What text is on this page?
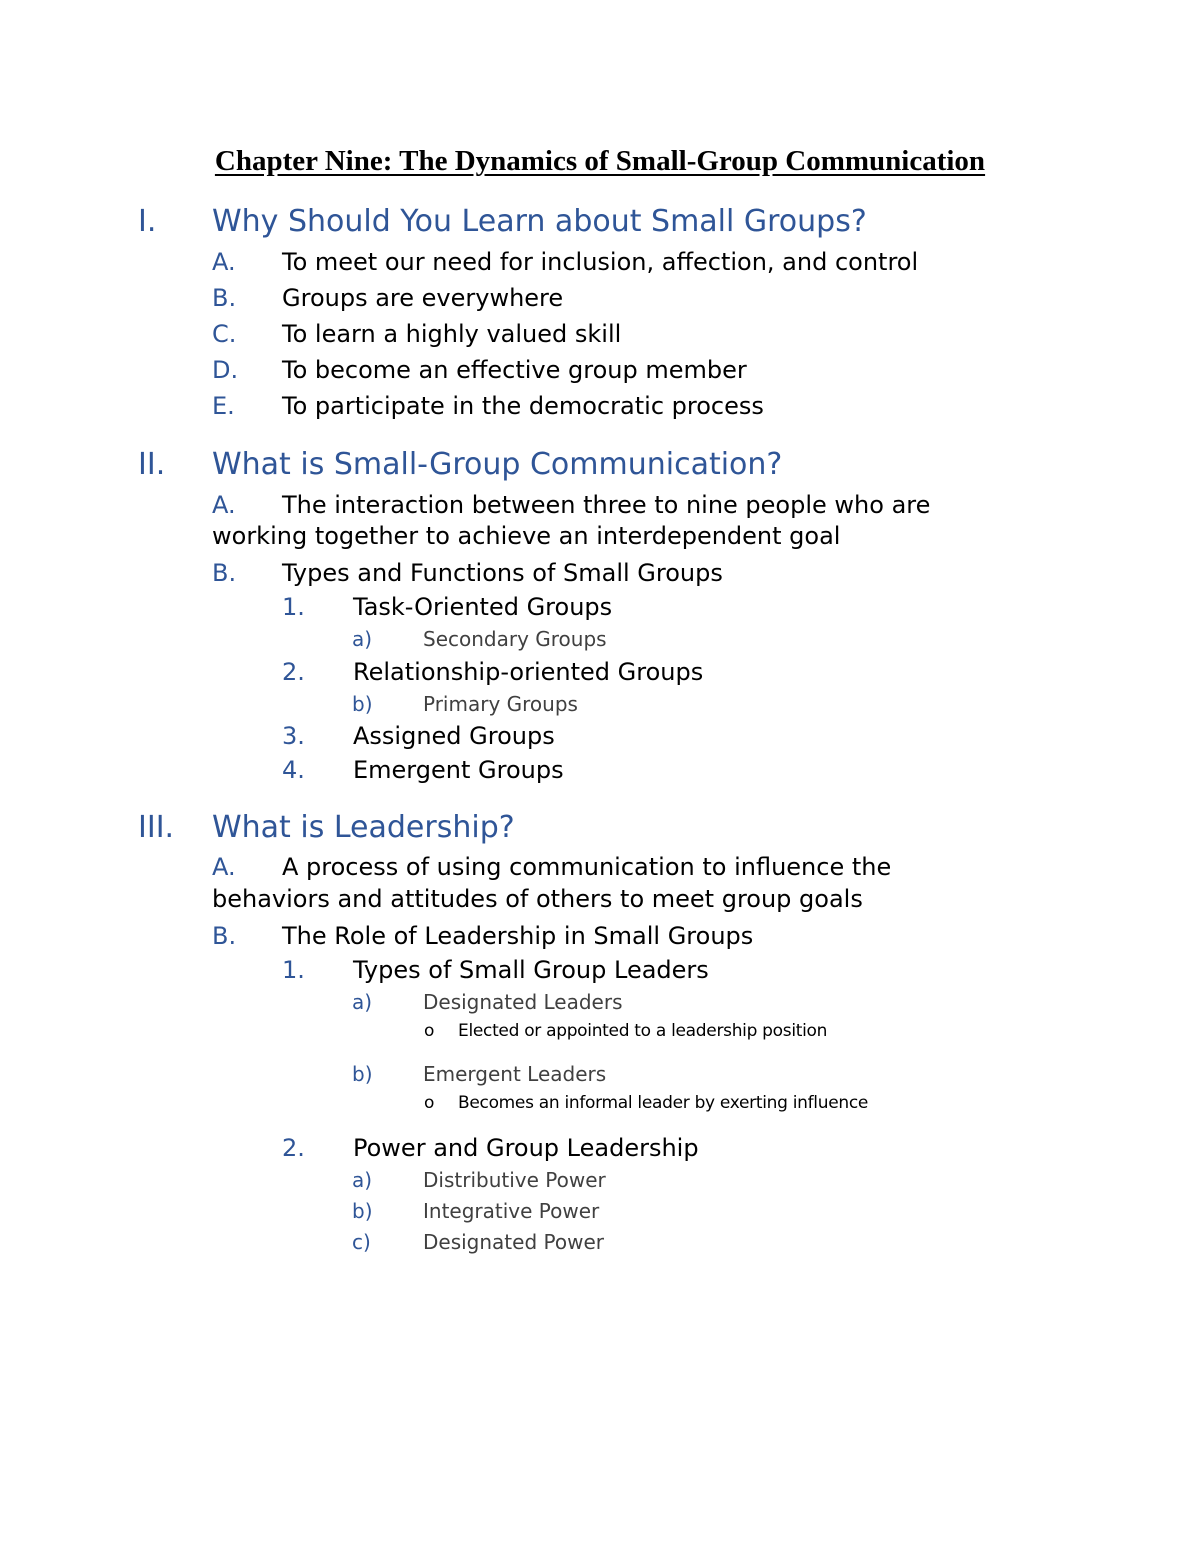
Chapter Nine: The Dynamics of Small-Group Communication
I. Why Should You Learn about Small Groups?
A. To meet our need for inclusion, affection, and control
B. Groups are everywhere
C. To learn a highly valued skill
D. To become an effective group member
E. To participate in the democratic process
II. What is Small-Group Communication?
A. The interaction between three to nine people who are
working together to achieve an interdependent goal
B. Types and Functions of Small Groups
1. Task-Oriented Groups
a)	Secondary Groups
2. Relationship-oriented Groups
b)	Primary Groups
3. Assigned Groups
4. Emergent Groups
III. What is Leadership?
A. A process of using communication to influence the
behaviors and attitudes of others to meet group goals
B. The Role of Leadership in Small Groups
1. Types of Small Group Leaders
a)	Designated Leaders
o Elected or appointed to a leadership position
b)	Emergent Leaders
o Becomes an informal leader by exerting influence
2. Power and Group Leadership
a)	Distributive Power
b)	Integrative Power
c)	Designated Power
